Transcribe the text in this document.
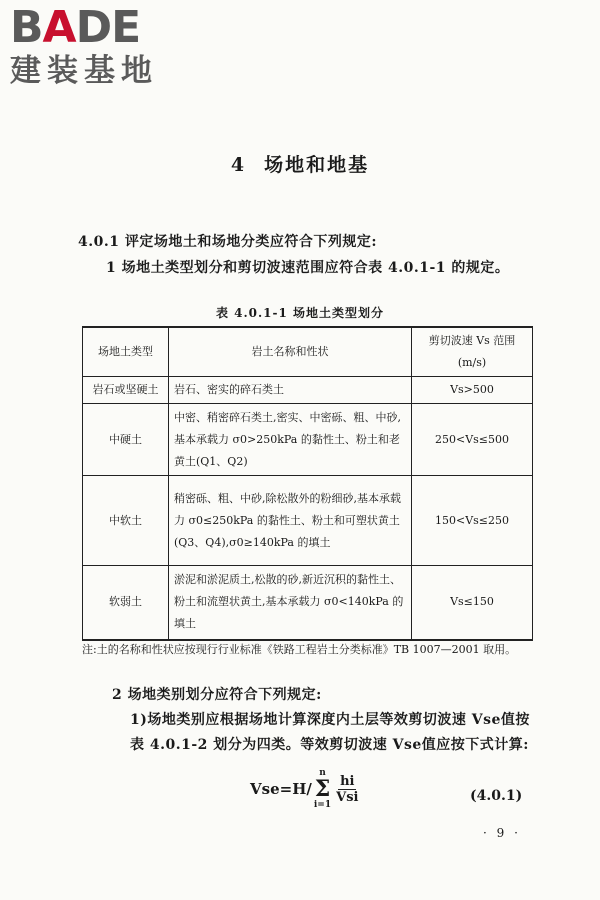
BADE
建装基地
4 场地和地基
4.0.1 评定场地土和场地分类应符合下列规定:
1 场地土类型划分和剪切波速范围应符合表 4.0.1-1 的规定。
表 4.0.1-1 场地土类型划分
场地土类型	岩土名称和性状	剪切波速 Vs 范围(m/s)
岩石或坚硬土	岩石、密实的碎石类土	Vs>500
中硬土	中密、稍密碎石类土,密实、中密砾、粗、中砂,基本承载力 σ0>250kPa 的黏性土、粉土和老黄土(Q1、Q2)	250<Vs≤500
中软土	稍密砾、粗、中砂,除松散外的粉细砂,基本承载力 σ0≤250kPa 的黏性土、粉土和可塑状黄土(Q3、Q4),σ0≥140kPa 的填土	150<Vs≤250
软弱土	淤泥和淤泥质土,松散的砂,新近沉积的黏性土、粉土和流塑状黄土,基本承载力 σ0<140kPa 的填土	Vs≤150
注:土的名称和性状应按现行行业标准《铁路工程岩土分类标准》TB 1007—2001 取用。
2 场地类别划分应符合下列规定:
1)场地类别应根据场地计算深度内土层等效剪切波速 Vse值按表 4.0.1-2 划分为四类。等效剪切波速 Vse值应按下式计算:
Vse =H/
n
Σ
i=1
$\frac{hi}{\text{Vsi}}$	(4.0.1)
· 9 ·
